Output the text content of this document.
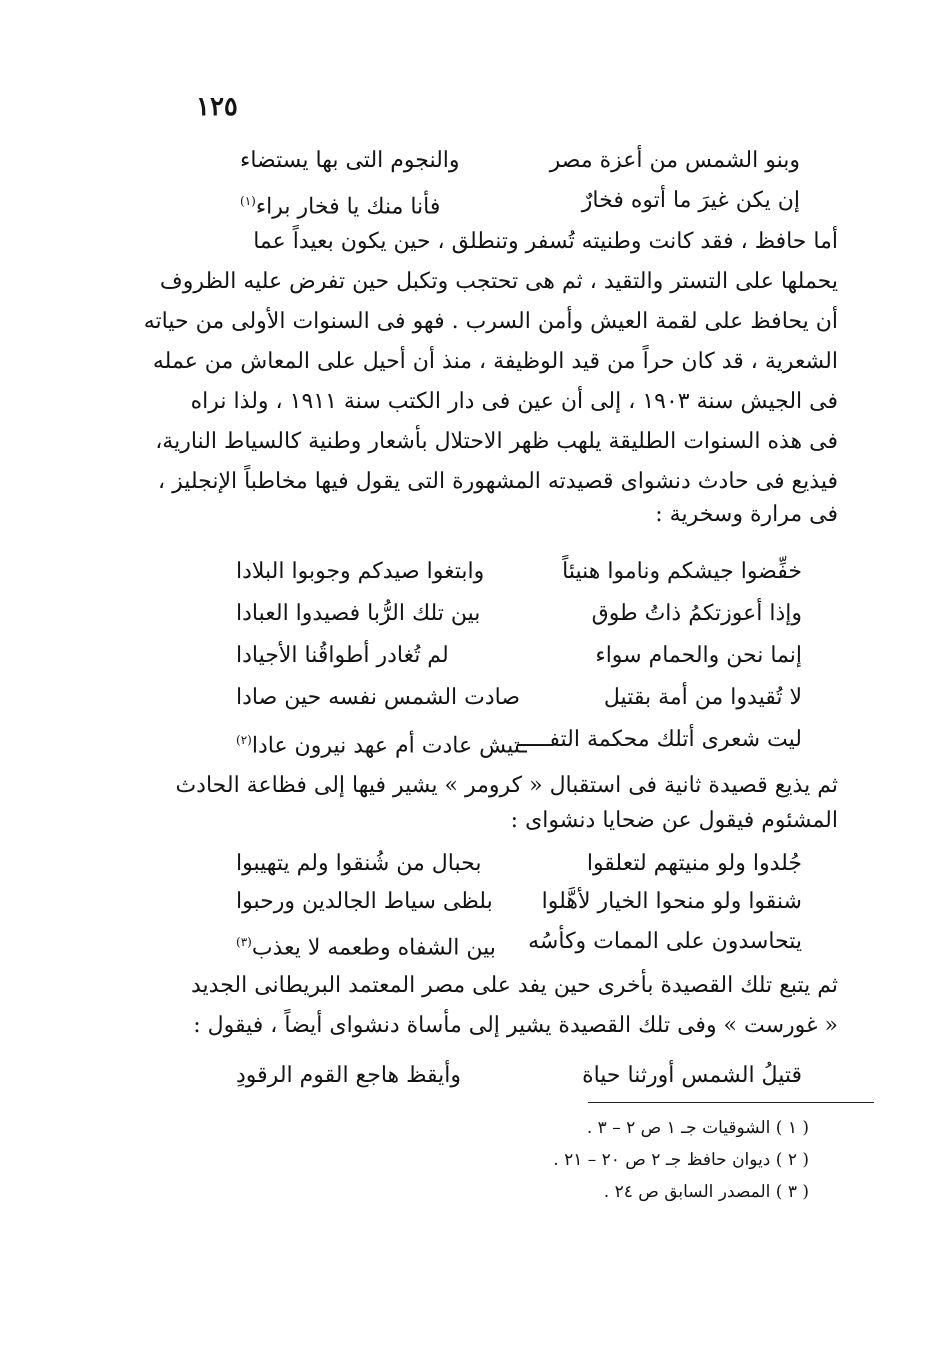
١٢٥
وبنو الشمس من أعزة مصر
والنجوم التى بها يستضاء
إن يكن غيرَ ما أتوه فخارٌ
فأنا منك يا فخار براء$^{(١)}$
أما حافظ ، فقد كانت وطنيته تُسفر وتنطلق ، حين يكون بعيداً عما
يحملها على التستر والتقيد ، ثم هى تحتجب وتكبل حين تفرض عليه الظروف
أن يحافظ على لقمة العيش وأمن السرب . فهو فى السنوات الأولى من حياته
الشعرية ، قد كان حراً من قيد الوظيفة ، منذ أن أحيل على المعاش من عمله
فى الجيش سنة ١٩٠٣ ، إلى أن عين فى دار الكتب سنة ١٩١١ ، ولذا نراه
فى هذه السنوات الطليقة يلهب ظهر الاحتلال بأشعار وطنية كالسياط النارية،
فيذيع فى حادث دنشواى قصيدته المشهورة التى يقول فيها مخاطباً الإنجليز ،
فى مرارة وسخرية :
خفِّضوا جيشكم وناموا هنيئاً
وابتغوا صيدكم وجوبوا البلادا
وإذا أعوزتكمُ ذاتُ طوق
بين تلك الرُّبا فصيدوا العبادا
إنما نحن والحمام سواء
لم تُغادر أطواقُنا الأجيادا
لا تُقيدوا من أمة بقتيل
صادت الشمس نفسه حين صادا
ليت شعرى أتلك محكمة التفـــــ
ـتيش عادت أم عهد نيرون عادا$^{(٢)}$
ثم يذيع قصيدة ثانية فى استقبال « كرومر » يشير فيها إلى فظاعة الحادث
المشئوم فيقول عن ضحايا دنشواى :
جُلدوا ولو منيتهم لتعلقوا
بحبال من شُنقوا ولم يتهيبوا
شنقوا ولو منحوا الخيار لأهَّلوا
بلظى سياط الجالدين ورحبوا
يتحاسدون على الممات وكأسُه
بين الشفاه وطعمه لا يعذب$^{(٣)}$
ثم يتبع تلك القصيدة بأخرى حين يفد على مصر المعتمد البريطانى الجديد
« غورست » وفى تلك القصيدة يشير إلى مأساة دنشواى أيضاً ، فيقول :
قتيلُ الشمس أورثنا حياة
وأيقظ هاجع القوم الرقودِ
( ١ ) الشوقيات جـ ١ ص ٢ – ٣ .
( ٢ ) ديوان حافظ جـ ٢ ص ٢٠ – ٢١ .
( ٣ ) المصدر السابق ص ٢٤ .
